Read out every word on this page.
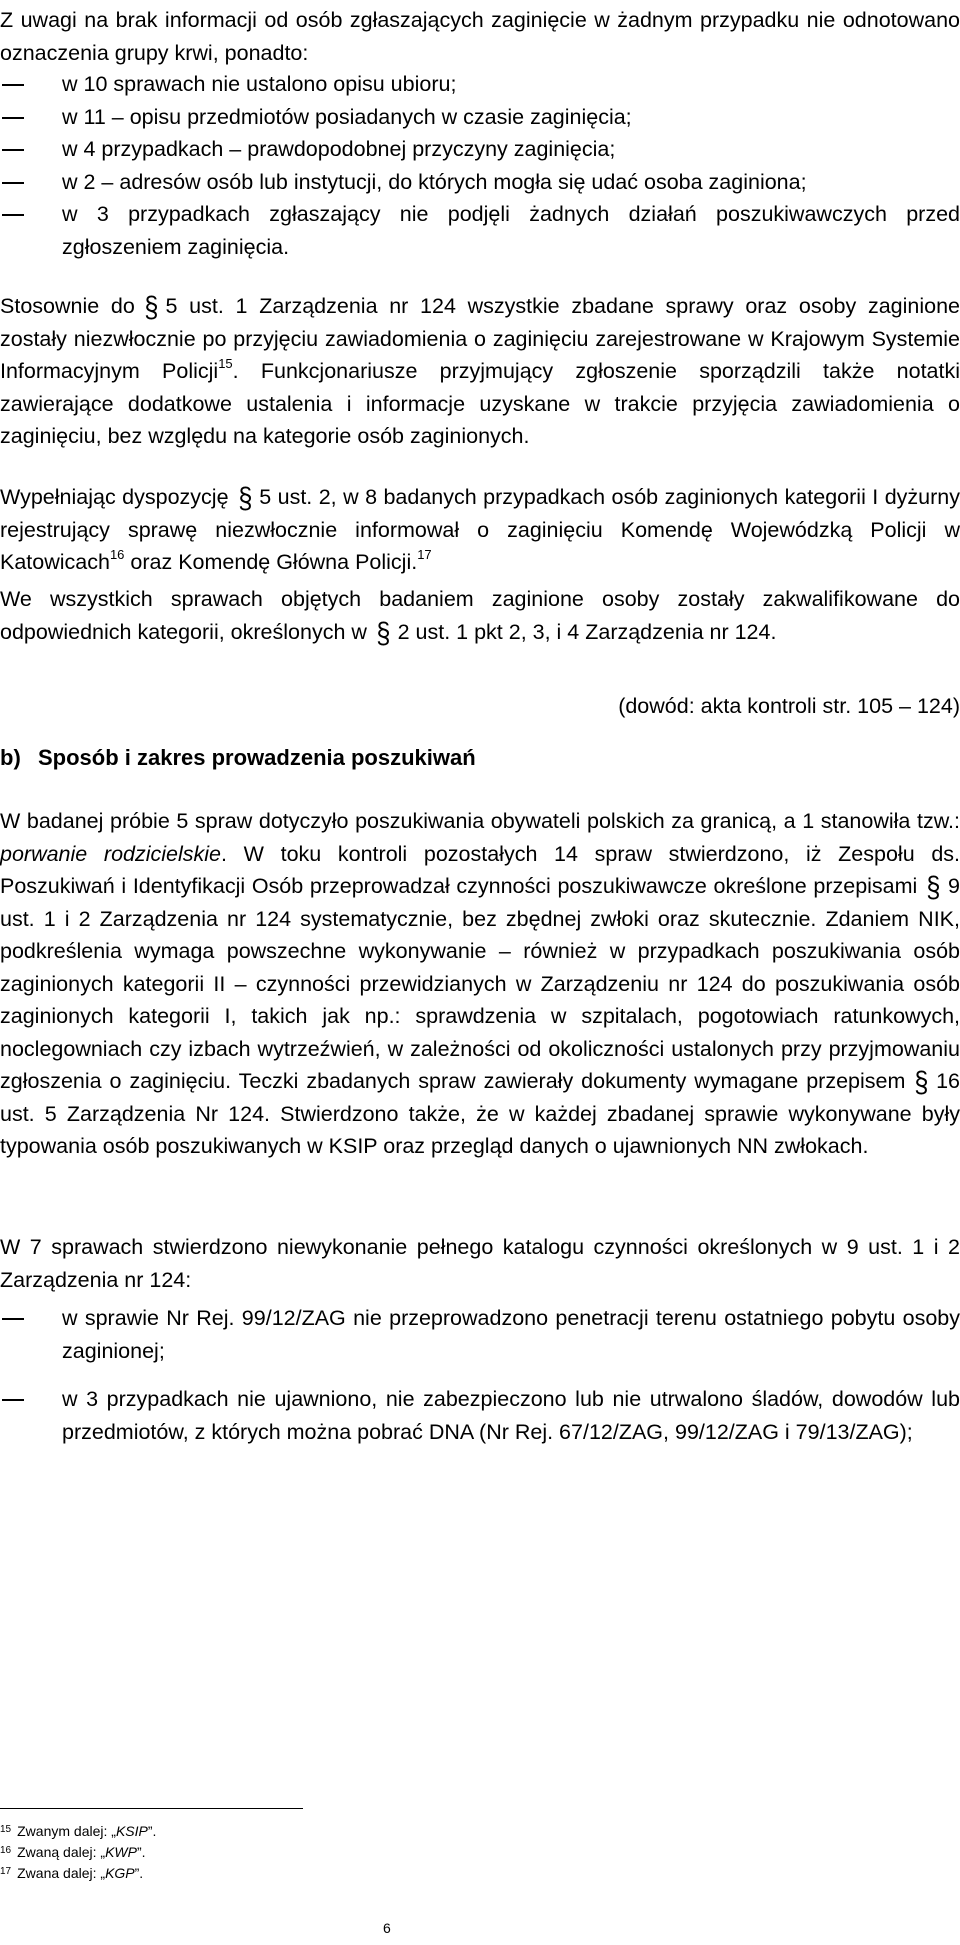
Z uwagi na brak informacji od osób zgłaszających zaginięcie w żadnym przypadku nie odnotowano oznaczenia grupy krwi, ponadto:

w 10 sprawach nie ustalono opisu ubioru;
w 11 – opisu przedmiotów posiadanych w czasie zaginięcia;
w 4 przypadkach – prawdopodobnej przyczyny zaginięcia;
w 2 – adresów osób lub instytucji, do których mogła się udać osoba zaginiona;
w 3 przypadkach zgłaszający nie podjęli żadnych działań poszukiwawczych przed zgłoszeniem zaginięcia.

Stosownie do § 5 ust. 1 Zarządzenia nr 124 wszystkie zbadane sprawy oraz osoby zaginione zostały niezwłocznie po przyjęciu zawiadomienia o zaginięciu zarejestrowane w Krajowym Systemie Informacyjnym Policji$^{15}$. Funkcjonariusze przyjmujący zgłoszenie sporządzili także notatki zawierające dodatkowe ustalenia i informacje uzyskane w trakcie przyjęcia zawiadomienia o zaginięciu, bez względu na kategorie osób zaginionych.

Wypełniając dyspozycję § 5 ust. 2, w 8 badanych przypadkach osób zaginionych kategorii I dyżurny rejestrujący sprawę niezwłocznie informował o zaginięciu Komendę Wojewódzką Policji w Katowicach$^{16}$ oraz Komendę Główna Policji.$^{17}$

We wszystkich sprawach objętych badaniem zaginione osoby zostały zakwalifikowane do odpowiednich kategorii, określonych w § 2 ust. 1 pkt 2, 3, i 4 Zarządzenia nr 124.

(dowód: akta kontroli str. 105 – 124)
b) Sposób i zakres prowadzenia poszukiwań

W badanej próbie 5 spraw dotyczyło poszukiwania obywateli polskich za granicą, a 1 stanowiła tzw.: porwanie rodzicielskie. W toku kontroli pozostałych 14 spraw stwierdzono, iż Zespołu ds. Poszukiwań i Identyfikacji Osób przeprowadzał czynności poszukiwawcze określone przepisami § 9 ust. 1 i 2 Zarządzenia nr 124 systematycznie, bez zbędnej zwłoki oraz skutecznie. Zdaniem NIK, podkreślenia wymaga powszechne wykonywanie – również w przypadkach poszukiwania osób zaginionych kategorii II – czynności przewidzianych w Zarządzeniu nr 124 do poszukiwania osób zaginionych kategorii I, takich jak np.: sprawdzenia w szpitalach, pogotowiach ratunkowych, noclegowniach czy izbach wytrzeźwień, w zależności od okoliczności ustalonych przy przyjmowaniu zgłoszenia o zaginięciu. Teczki zbadanych spraw zawierały dokumenty wymagane przepisem § 16 ust. 5 Zarządzenia Nr 124. Stwierdzono także, że w każdej zbadanej sprawie wykonywane były typowania osób poszukiwanych w KSIP oraz przegląd danych o ujawnionych NN zwłokach.

W 7 sprawach stwierdzono niewykonanie pełnego katalogu czynności określonych w 9 ust. 1 i 2 Zarządzenia nr 124:

w sprawie Nr Rej. 99/12/ZAG nie przeprowadzono penetracji terenu ostatniego pobytu osoby zaginionej;
w 3 przypadkach nie ujawniono, nie zabezpieczono lub nie utrwalono śladów, dowodów lub przedmiotów, z których można pobrać DNA (Nr Rej. 67/12/ZAG, 99/12/ZAG i 79/13/ZAG);
$^{15}$ Zwanym dalej: „KSIP”.
$^{16}$ Zwaną dalej: „KWP”.
$^{17}$ Zwana dalej: „KGP”.
6
